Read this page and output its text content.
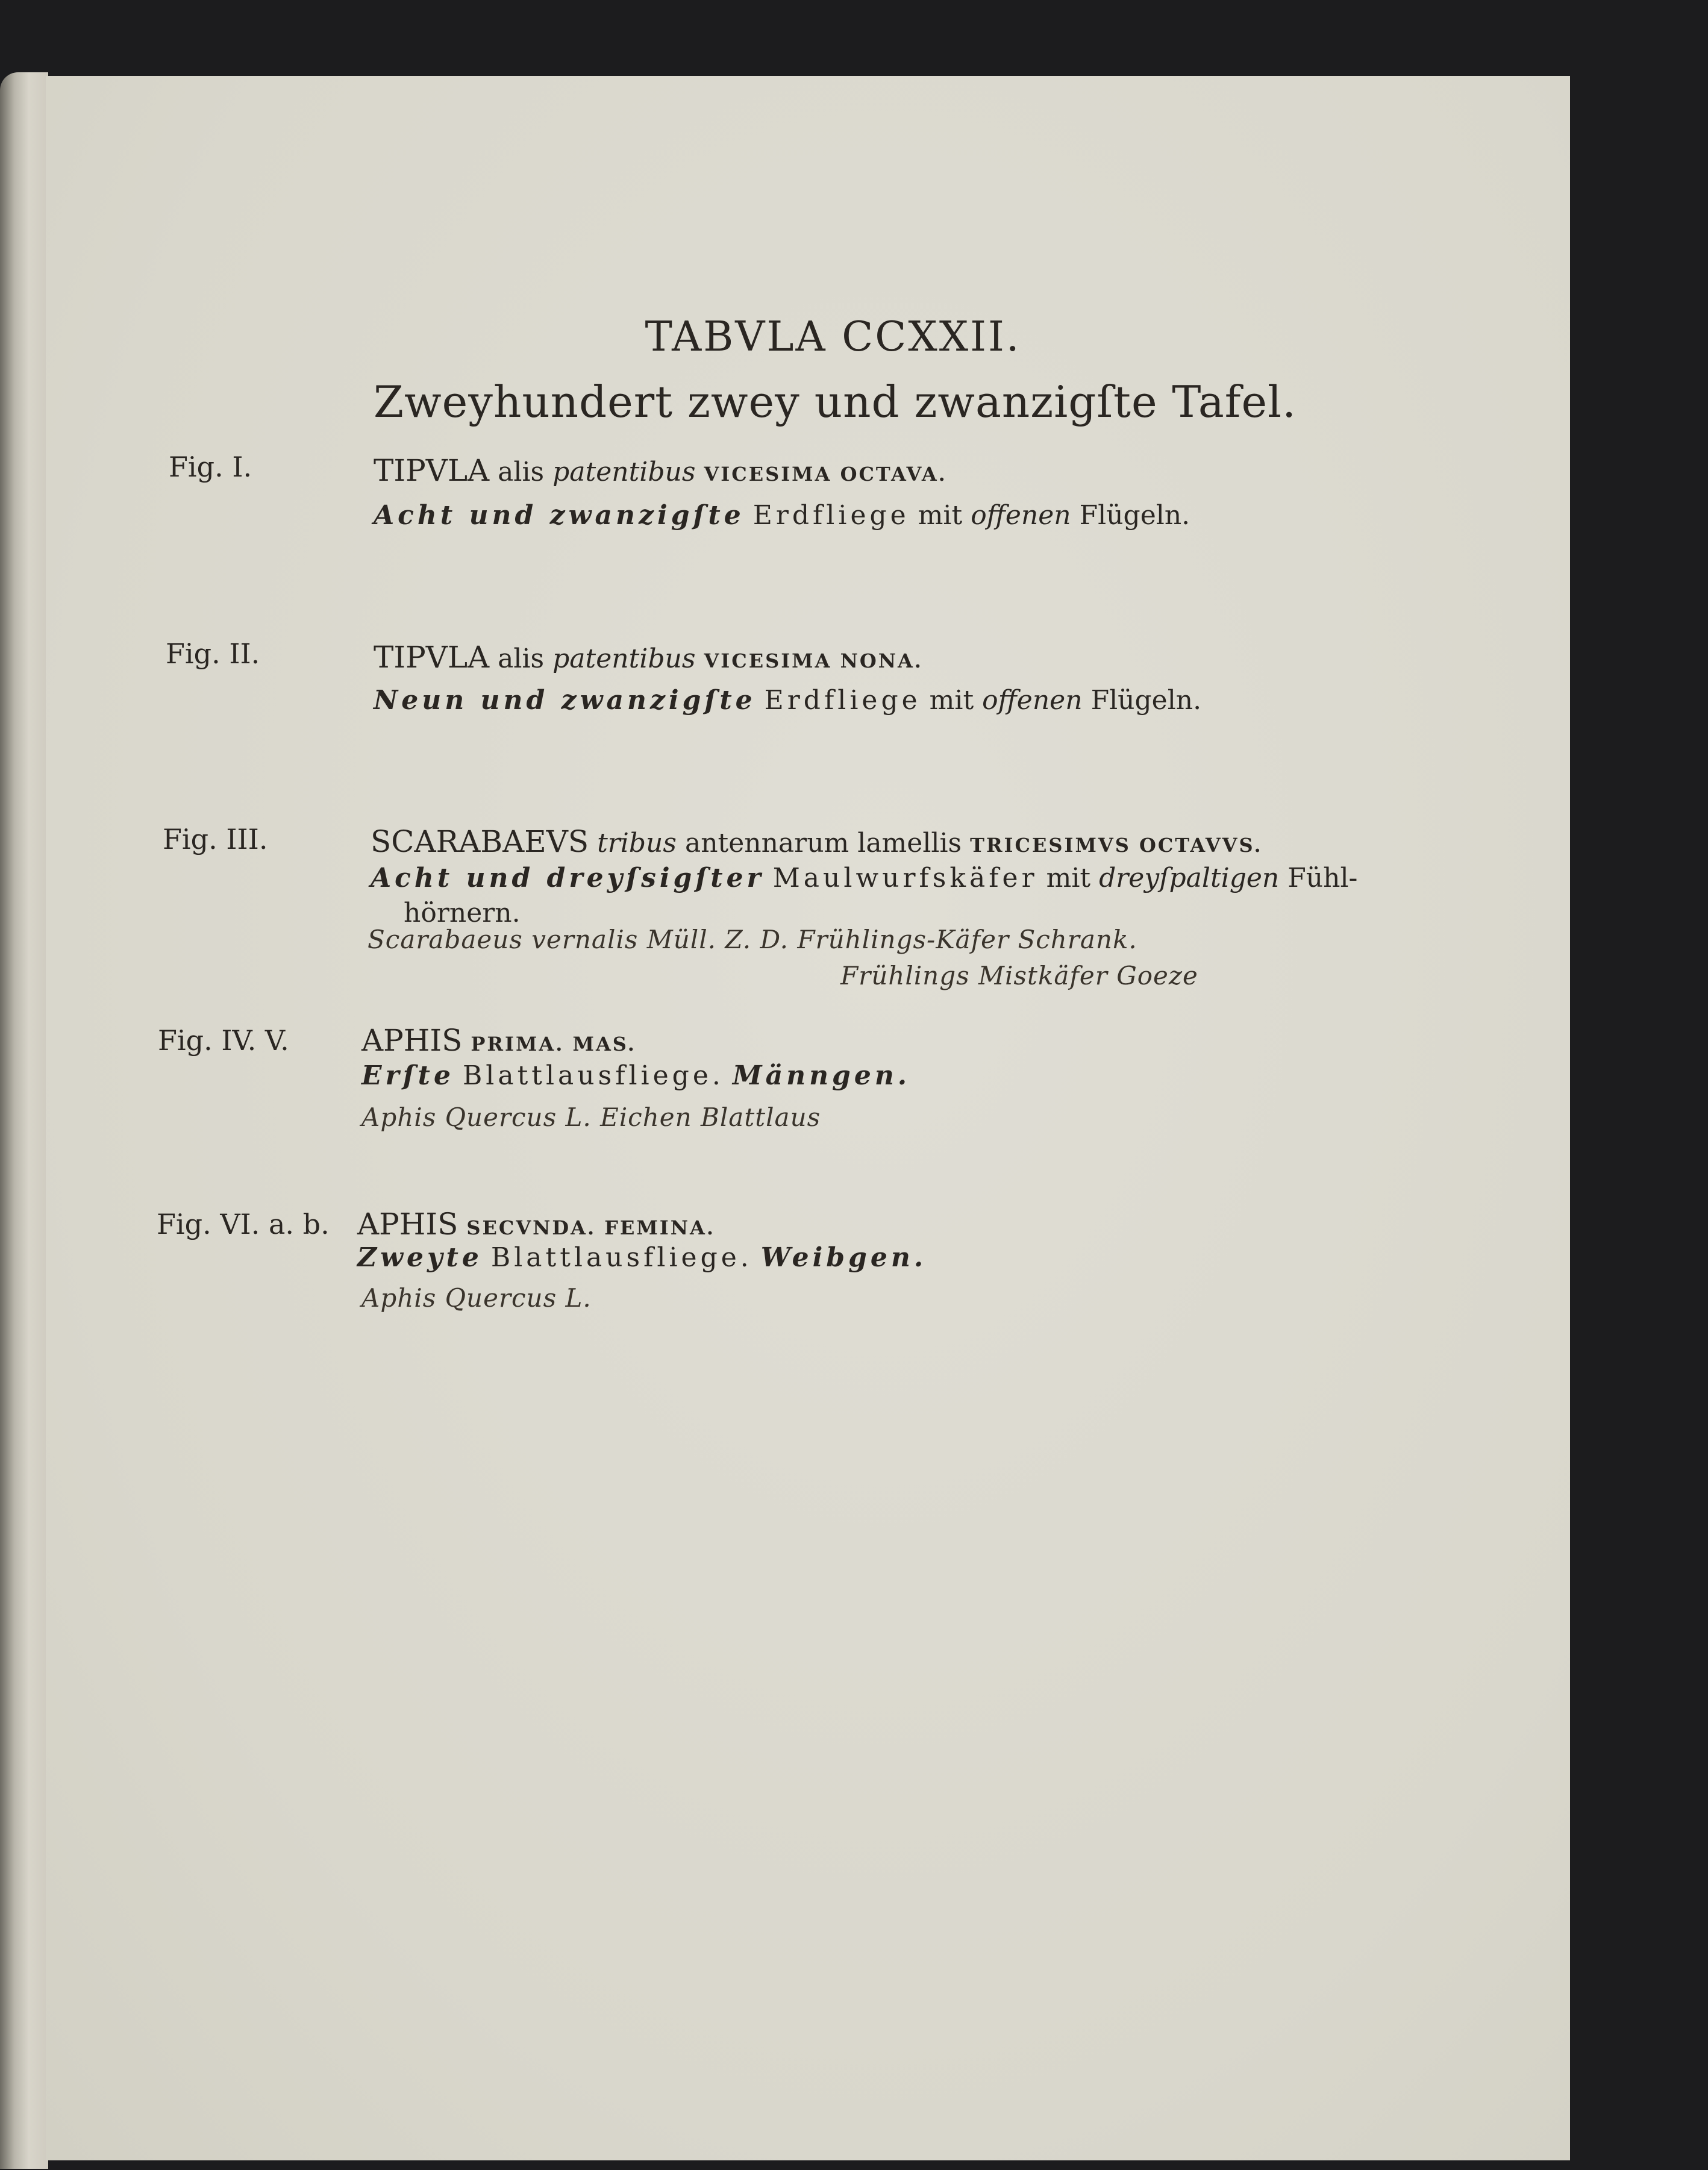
TABVLA CCXXII.
Zweyhundert zwey und zwanzigſte Tafel.
Fig. I.	TIPVLA alis patentibus VICESIMA OCTAVA.
Acht und zwanzigſte Erdfliege mit offenen Flügeln.
Fig. II.	TIPVLA alis patentibus VICESIMA NONA.
Neun und zwanzigſte Erdfliege mit offenen Flügeln.
Fig. III.	SCARABAEVS tribus antennarum lamellis TRICESIMVS OCTAVVS.
Acht und dreyſsigſter Maulwurfskäfer mit dreyſpaltigen Fühl-
hörnern.
Scarabaeus vernalis Müll. Z. D. Frühlings-Käfer Schrank.
Frühlings Mistkäfer Goeze
Fig. IV. V. APHIS PRIMA. MAS.
Erſte Blattlausfliege. Männgen.
Aphis Quercus L. Eichen Blattlaus
Fig. VI. a. b. APHIS SECVNDA. FEMINA.
Zweyte Blattlausfliege. Weibgen.
Aphis Quercus L.
